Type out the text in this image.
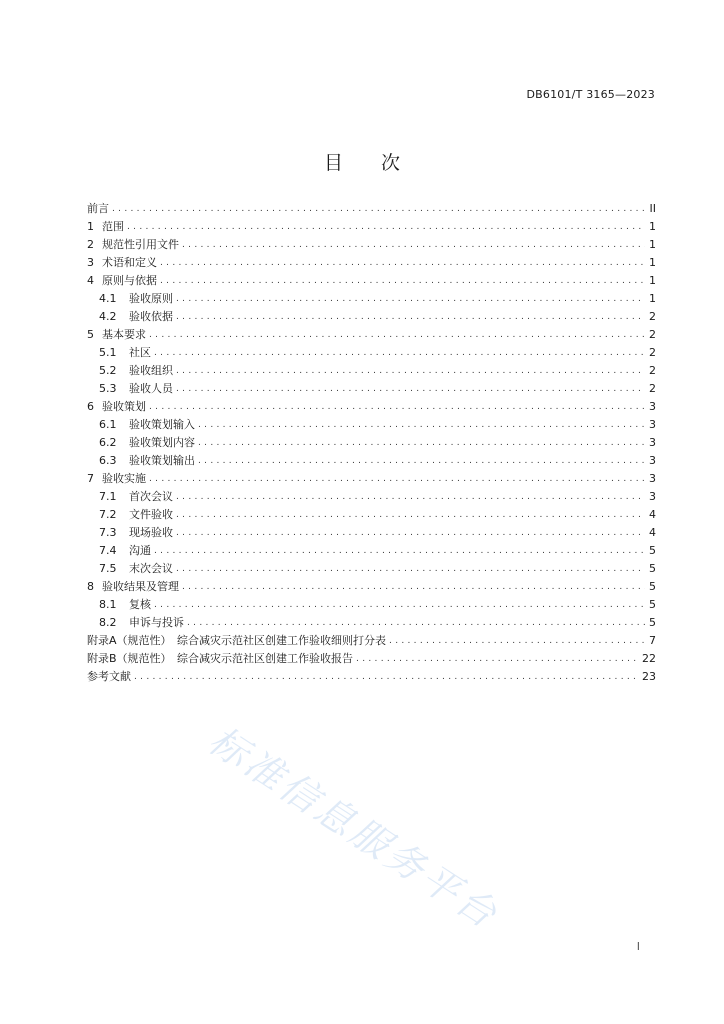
DB6101/T 3165—2023
目　　次
前言 .....	II
1 范围 .....	1
2 规范性引用文件 .....	1
3 术语和定义 .....	1
4 原则与依据 .....	1
4.1	验收原则 .....	1
4.2	验收依据 .....	2
5 基本要求 .....	2
5.1	社区 .....	2
5.2	验收组织 .....	2
5.3	验收人员 .....	2
6 验收策划 .....	3
6.1	验收策划输入 .....	3
6.2	验收策划内容 .....	3
6.3	验收策划输出 .....	3
7 验收实施 .....	3
7.1	首次会议 .....	3
7.2	文件验收 .....	4
7.3	现场验收 .....	4
7.4	沟通 .....	5
7.5	末次会议 .....	5
8 验收结果及管理 .....	5
8.1	复核 .....	5
8.2	申诉与投诉 .....	5
附录A（规范性）　综合减灾示范社区创建工作验收细则打分表 .....	7
附录B（规范性）　综合减灾示范社区创建工作验收报告 .....	22
参考文献 .....	23
标准信息服务平台
I
